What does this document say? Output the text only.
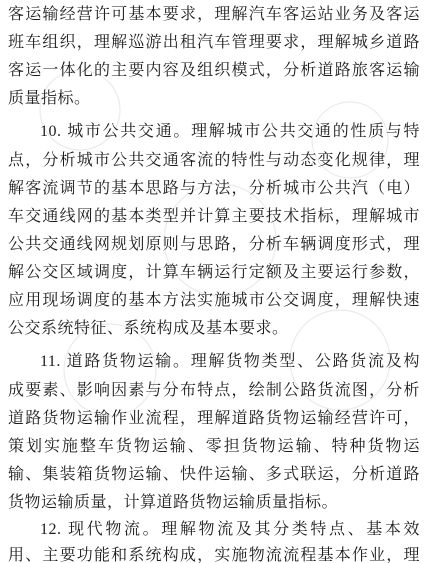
客运输经营许可基本要求，理解汽车客运站业务及客运
班车组织，理解巡游出租汽车管理要求，理解城乡道路
客运一体化的主要内容及组织模式，分析道路旅客运输
质量指标。
10. 城市公共交通。理解城市公共交通的性质与特
点，分析城市公共交通客流的特性与动态变化规律，理
解客流调节的基本思路与方法，分析城市公共汽（电）
车交通线网的基本类型并计算主要技术指标，理解城市
公共交通线网规划原则与思路，分析车辆调度形式，理
解公交区域调度，计算车辆运行定额及主要运行参数，
应用现场调度的基本方法实施城市公交调度，理解快速
公交系统特征、系统构成及基本要求。
11. 道路货物运输。理解货物类型、公路货流及构
成要素、影响因素与分布特点，绘制公路货流图，分析
道路货物运输作业流程，理解道路货物运输经营许可，
策划实施整车货物运输、零担货物运输、特种货物运
输、集装箱货物运输、快件运输、多式联运，分析道路
货物运输质量，计算道路货物运输质量指标。
12. 现代物流。理解物流及其分类特点、基本效
用、主要功能和系统构成，实施物流流程基本作业，理
